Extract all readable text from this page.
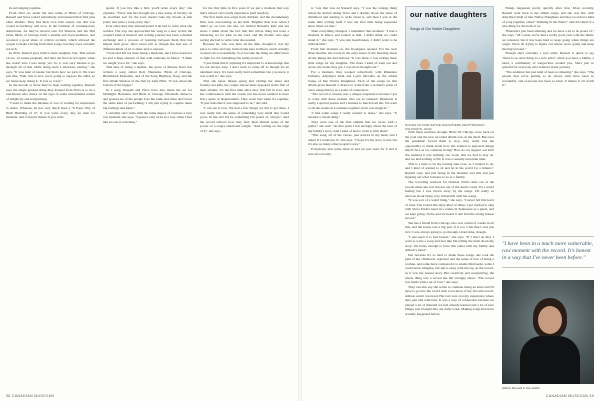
m and singing together.

From 2012 on, under the new name of Birds of Chicago, Russell and Nava toured relentlessly and released their first plus other albums. They had their own folk sound, one that was rooted in harmony and love, in the tradition of contemporary Americana. As they've moved onto Ed Sheeran and the Phil Ochs, Birds of Chicago built a sizable and loyal audience, and received a good share of critical acclaim, which allowed the couple to make a living from their songs, but they were certainly not rich.

In 2016, Russell gave birth to their daughter, Isla. This turned 10 are. 12 weeks pregnant, and then our first record again, when she wasn't sure I was ready, yet. So, it was very intense to go through all of that while doing such a laborious touring," she says. "It was kind of insane but that's how we pick it. We were just like, 'Well, this is how we're going to support the child, so we better keep doing it.' It was so crazy."

In the decade or more they've been writing together, Russell says the single greatest thing they learned from Nava is to be a touchpoint who draws on the type of some unvarnished notion of simplicity and songwriting.

"I used to make the mistake of sort of waiting for inspiration to strike. Whereas, he has very much been a "8 Poets Way of Birth Building of it": if you write every day, no man for moment, and it doesn't matter if you write

spend. If you live like a bird, you'll write every day," she explains. "Every line has brought me a new sense of brevity; its an excellent tool for the soul, doesn't take my moods at this point; and write a song every day."

Ever since they met, Russell heard it all had to write what she wanted. The way she approached her song in a new world; the couple's kind of musical and writing journey has been a mutual exchange and a process of learning between them that has helped both grow. She's never felt as though she had lots of different kinds of art to share and to express.

"I had said I'm not done being a musician, but I have learned a lot and a huge amount of that with someone in Ithaca. "I think we taught you a lot," she says.

This idea of being a mother, the grace of Marnie Nava has written a song called Roll, Henrietta, Birds of Chicago, Blackhawk Mountain, and of the Song Highway Song, and the first album Shadow of the Sun by Amy Hilts. "It was about the bottom of the bigger."

In a song, Russell and Nava have also made the set for Midnight, Henrietta, and Birds of Chicago. Elizabeth, Rebecca and ground are of the people love the same and often don't have the same kind of performing; I am just trying to capture these big feelings and ideas."

I certainly can't write with the same degree of rawness a very raw moment, she says. "I guess I only write in a way when I feel like no one is watching."

for the first time in five years if we put a moment that way that's when I can't really experience (and laugh it).

The first harm was songs from children, and the documentary film, now ever-lasting on her kids. Brighter than ever when I didn't go on tour. On one, we invited Russell's kids and her sister. I think about the fact that this whole thing has been a balancing act for kids on the road, and the mother who kept saying she had to write what she needed.

Because he, who was here all the time, thought it was my place to write and stay in the home here in Ithaca, and it actually worked out so beautifully. So it became the thing we didn't have to fight for. It's something I'm really proud of.

"I just think that if anything it's important to acknowledge that it's not always easy. I don't want to come off as though it's an idealized story. It's been really hard sometimes but you know it was worth it," she says.

That she never misses going and visiting her sister and Jeremy, her kids, the couple whose ideas appeared in the first of their albums. It's the first time since they first fell in love, and her collaboration with the world, but she never seemed to have felt a sense of displacement. They work best when it's together. "It just feels like it was supposed to be," she said.

"I can see it now. We had a few things we did to get there. I was really into the sense of something very small that would grow. In the end it'd be something I'm proud of, always." And the record reflects how they feel; their mutual sense of the power of a song's emotional weight. "And writing on the edge of it," she says.

38 CANADIAN MUSICIAN

is "one that was Al Russell says. "I was the strange thing where he started taking Nava and I dreams about the sense of childhood and starting to write about it, and then I was at the same time writing stuff. I was our first time being separated since when we met."

Then everything changed, I remember that moment. "I had a moment in Ithaca and looked at him. I didn't think we could stand it," she says. "I was just heartbroken. I didn't want to be without him."

From that moment on, the floodgates opened. For the next three months, she wrote in the early hours of the morning about all the things she had noticed. "It was there. I was writing these little songs for my daughter. The more I kind of went out and wrote, the better they got. I was more thought-out."

For a moment, they worked collectively with Rhiannon Giddens, Amythyst Kiah and Leyla McCalla on the album Songs of Our Native Daughters. Each of the songs on that album gives Russell a chance to write from a woman's point of view, using history as a point of connection.

"The record to release was a unique experience because I got to write with these women who are so talented. Rhiannon is really a special person and I learned so much from her. We went to all the events in Louisiana together and it was magical."

"I had some songs I really wanted to share," she says. "It became a whole thing."

They were one of the first albums that we wrote with a guitar," she said. "At that point I felt strongly about the idea of my family's story. And I kind of had to write it with them."

"This song, all of the verses, just arrived in my head, and I asked if I could use it," she says. "I hope it's my story to tell, but it's also so many other people's story."

Everybody sent some ideas in and we just went for it and it was all so lovely.

our native daughters
Songs of Our Native Daughters
SONGS OF OUR NATIVE DAUGHTERS (SMITHSONIAN FOLKWAYS, 2019)

With these sessions, though, Birds Of Chicago were back on the road and the new recorded album was on the shelf. But once the pandemic forced them to stop, they really had the opportunity to think about how she wanted to approach things they'll face as we continue living? How do we support our kid? We realized it was nothing; our work, that we had to stay on, and we had nothing to fill. It was a reeeally uncertain time.

This is a time to let the touring take over, as I wanted to do, and I kind of wanted to sit and be in the world for a minute." Russell says, and just being in the moment and still and just figuring out what it means to us as a family.

The recording sessions for Outside Child came out of the woods when she was thrown out of the studio room. It's a weird feeling but I was blown away by the songs. I'm really so nervous about being very vulnerable with her songs.

"It was sort of a weird thing," she says. "I never felt this level of trust. The Grand Ole Opry kind of thing. I got invited to sing with Steve Earle's band in a ravine in Tennessee as a guest, and we kept going. In the end we heard it and felt this strong honest record."

She has a friend from Chicago who was a kind of cousin in all this, and the house was a big part of it too. I felt like I was just in it. I was always going to go through a hard time, though.

"I just need it to feel honest," she says. "If I don't do that, I want to write a song and feel like I'm telling the truth about my story. I'm lucky enough to have this outlet with my family and Allison's band."

Just because it's so hard to make these songs, she took the pain of her childhood, rejection and the sense of loss of being a woman, and some have compared it to Alanis Morissette, some I could never imagine, but she is okay with the tag on the record, as it was her honest story. Her creativity and songwriting, the whole thing was a record she felt strongly about. "The record was made with a lot of love," she says.

They can also say she wants to continue being an artist and I'll have to go into the world with a ton more of my favorite record. Allison said it was hard. Her tour was a lovely experience where they just talk with fans. It was a way of connection because we played a lot of material we had already learned and a lot of new things, just brought into our daily work. Making songs that have actually happened before.

Things happened pretty quickly after that. Most recently, Russell went back to the album songs, and she was also with Amythyst Kiah of Our Native Daughters and they recorded a kind of song together, called "Walking in the Water," which is kind of a nice thing for the both of us.

"Brandon's just been amazing and we have a lot to be proud of," she says. "Of course we've had a really good year with the music we released, but it has been hard to keep going when things are tough. We're all trying to figure out where we're going and keep moving forward."

Though she's currently a solo artist, Russell is quick to say "there is no such thing as a solo artist" when you have a family, a band, a community of songwriters around you. She's just so grateful for everyone who believes in her journey.

"The audience has just kind of been so amazing," she says. "The people that we're getting to do shows with have been so wonderful, and everyone has been so kind. It makes it all worth it."

"I have been in a much more vulnerable, raw moment with the record. It's honest in a way that I've never been before."
Allison Russell in the studio
CANADIAN MUSICIAN 39
